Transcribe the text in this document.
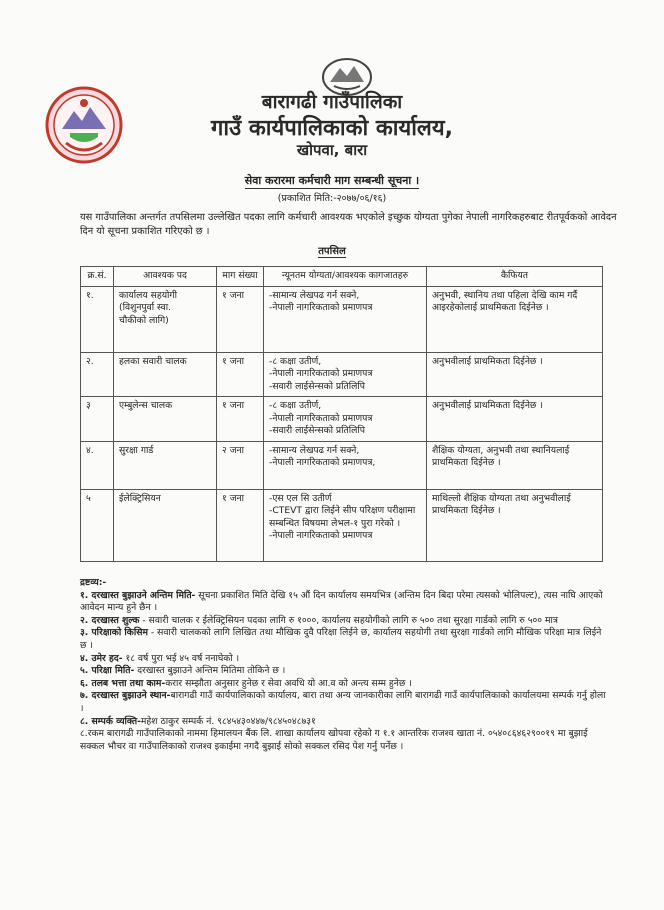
बारागढी गाउँपालिका
गाउँ कार्यपालिकाको कार्यालय,
खोपवा, बारा
सेवा करारमा कर्मचारी माग सम्बन्धी सूचना ।
(प्रकाशित मिति:-२०७७/०६/१६)
यस गाउँपालिका अन्तर्गत तपसिलमा उल्लेखित पदका लागि कर्मचारी आवश्यक भएकोले इच्छुक योग्यता पुगेका नेपाली नागरिकहरुबाट रीतपूर्वकको आवेदन दिन यो सूचना प्रकाशित गरिएको छ ।
तपसिल
क्र.सं.	आवश्यक पद	माग संख्या	न्यूनतम योग्यता/आवश्यक कागजातहरु	कैफियत
१.	कार्यालय सहयोगी
(विशुनपुर्वा स्वा.
चौकीको लागि)	१ जना	-सामान्य लेखपढ गर्न सक्ने,
-नेपाली नागरिकताको प्रमाणपत्र	अनुभवी, स्थानिय तथा पहिला देखि काम गर्दै आइरहेकोलाई प्राथमिकता दिईनेछ ।
२.	हलका सवारी चालक	१ जना	-८ कक्षा उतीर्ण,
-नेपाली नागरिकताको प्रमाणपत्र
-सवारी लाईसेन्सको प्रतिलिपि	अनुभवीलाई प्राथमिकता दिईनेछ ।
३	एम्बुलेन्स चालक	१ जना	-८ कक्षा उतीर्ण,
-नेपाली नागरिकताको प्रमाणपत्र
-सवारी लाईसेन्सको प्रतिलिपि	अनुभवीलाई प्राथमिकता दिईनेछ ।
४.	सुरक्षा गार्ड	२ जना	-सामान्य लेखपढ गर्न सक्ने,
-नेपाली नागरिकताको प्रमाणपत्र,	शैक्षिक योग्यता, अनुभवी तथा स्थानियलाई प्राथमिकता दिईनेछ ।
५	ईलेक्ट्रिसियन	१ जना	-एस एल सि उतीर्ण
-CTEVT द्वारा लिईने सीप परिक्षण परीक्षामा सम्बन्धित विषयमा लेभल-१ पुरा गरेको ।
-नेपाली नागरिकताको प्रमाणपत्र	माथिल्लो शैक्षिक योग्यता तथा अनुभवीलाई प्राथमिकता दिईनेछ ।

द्रष्टव्य:-

१. दरखास्त बुझाउने अन्तिम मिति- सूचना प्रकाशित मिति देखि १५ औं दिन कार्यालय समयभित्र (अन्तिम दिन बिदा परेमा त्यसको भोलिपल्ट), त्यस नाघि आएको आवेदन मान्य हुने छैन ।

२. दरखास्त शुल्क - सवारी चालक र ईलेक्ट्रिसियन पदका लागि रु १०००, कार्यालय सहयोगीको लागि रु ५०० तथा सुरक्षा गार्डको लागि रु ५०० मात्र

३. परिक्षाको किसिम - सवारी चालकको लागि लिखित तथा मौखिक दुवै परिक्षा लिईने छ, कार्यालय सहयोगी तथा सुरक्षा गार्डको लागि मौखिक परिक्षा मात्र लिईने छ ।

४. उमेर हद- १८ वर्ष पुरा भई ४५ वर्ष ननाघेको ।

५. परिक्षा मिति- दरखास्त बुझाउने अन्तिम मितिमा तोकिने छ ।

६. तलब भत्ता तथा काम-करार सम्झौता अनुसार हुनेछ र सेवा अवधि यो आ.व को अन्त्य सम्म हुनेछ ।

७. दरखास्त बुझाउने स्थान-बारागढी गाउँ कार्यपालिकाको कार्यालय, बारा तथा अन्य जानकारीका लागि बारागढी गाउँ कार्यपालिकाको कार्यालयमा सम्पर्क गर्नु होला ।

८. सम्पर्क व्यक्ति-महेश ठाकुर सम्पर्क नं. ९८४५४३०४४७/९८४५०४८७३१

८.रकम बारागढी गाउँपालिकाको नाममा हिमालयन बैंक लि. शाखा कार्यालय खोपवा रहेको ग १.१ आन्तरिक राजश्व खाता नं. ०५४०८६४६२९००१९ मा बुझाई सक्कल भौचर वा गाउँपालिकाको राजश्व इकाईमा नगदै बुझाई सोको सक्कल रसिद पेश गर्नु पर्नेछ ।
